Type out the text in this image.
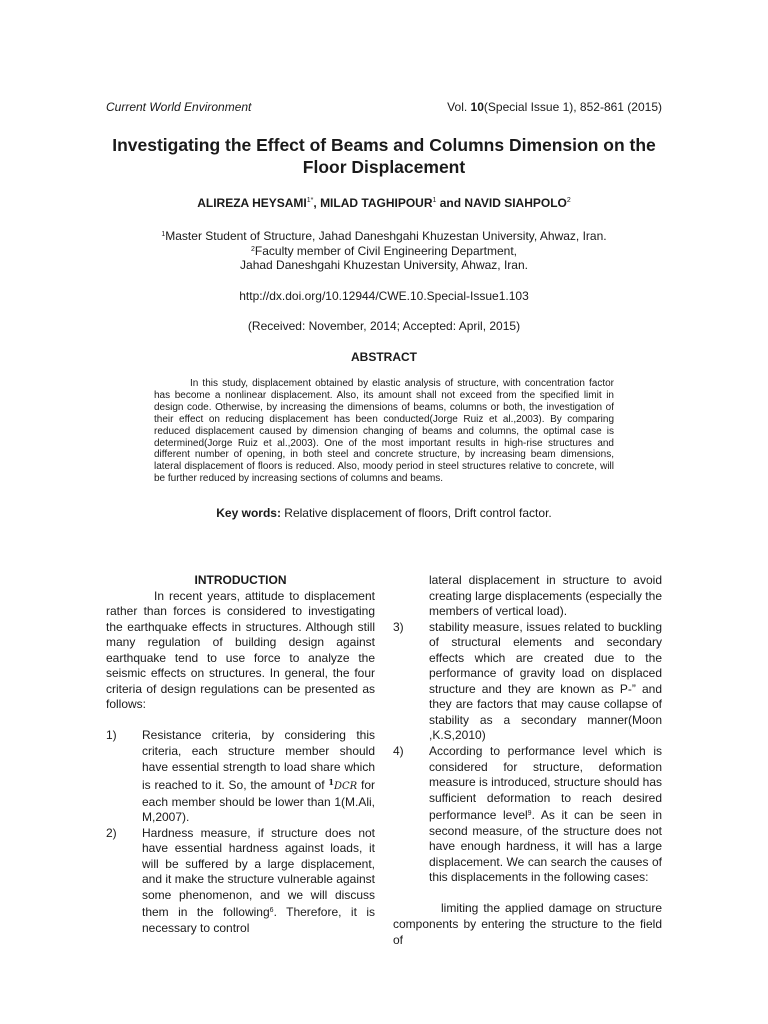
Current World Environment	Vol. 10(Special Issue 1), 852-861 (2015)
Investigating the Effect of Beams and Columns Dimension on the Floor Displacement
ALIREZA $HEYSAMI^{1*}$, MILAD TAGHIPOUR$^1$ and NAVID SIAHPOLO$^2$
$^1$Master Student of Structure, Jahad Daneshgahi Khuzestan University, Ahwaz, Iran.
$^2$Faculty member of Civil Engineering Department,
Jahad Daneshgahi Khuzestan University, Ahwaz, Iran.
http://dx.doi.org/10.12944/CWE.10.Special-Issue1.103
(Received: November, 2014; Accepted: April, 2015)
ABSTRACT
In this study, displacement obtained by elastic analysis of structure, with concentration factor has become a nonlinear displacement. Also, its amount shall not exceed from the specified limit in design code. Otherwise, by increasing the dimensions of beams, columns or both, the investigation of their effect on reducing displacement has been conducted(Jorge Ruiz et al.,2003). By comparing reduced displacement caused by dimension changing of beams and columns, the optimal case is determined(Jorge Ruiz et al.,2003). One of the most important results in high-rise structures and different number of opening, in both steel and concrete structure, by increasing beam dimensions, lateral displacement of floors is reduced. Also, moody period in steel structures relative to concrete, will be further reduced by increasing sections of columns and beams.
Key words: Relative displacement of floors, Drift control factor.

INTRODUCTION

In recent years, attitude to displacement rather than forces is considered to investigating the earthquake effects in structures. Although still many regulation of building design against earthquake tend to use force to analyze the seismic effects on structures. In general, the four criteria of design regulations can be presented as follows:

1)	Resistance criteria, by considering this criteria, each structure member should have essential strength to load share which is reached to it. So, the amount of $^1$DCR for each member should be lower than 1(M.Ali, M,2007).
2)	Hardness measure, if structure does not have essential hardness against loads, it will be suffered by a large displacement, and it make the structure vulnerable against some phenomenon, and we will discuss them in the following$^6$. Therefore, it is necessary to control

lateral displacement in structure to avoid creating large displacements (especially the members of vertical load).

3)	stability measure, issues related to buckling of structural elements and secondary effects which are created due to the performance of gravity load on displaced structure and they are known as P-” and they are factors that may cause collapse of stability as a secondary manner(Moon ,K.S,2010)
4)	According to performance level which is considered for structure, deformation measure is introduced, structure should has sufficient deformation to reach desired performance level$^9$. As it can be seen in second measure, of the structure does not have enough hardness, it will has a large displacement. We can search the causes of this displacements in the following cases:

limiting the applied damage on structure components by entering the structure to the field of
